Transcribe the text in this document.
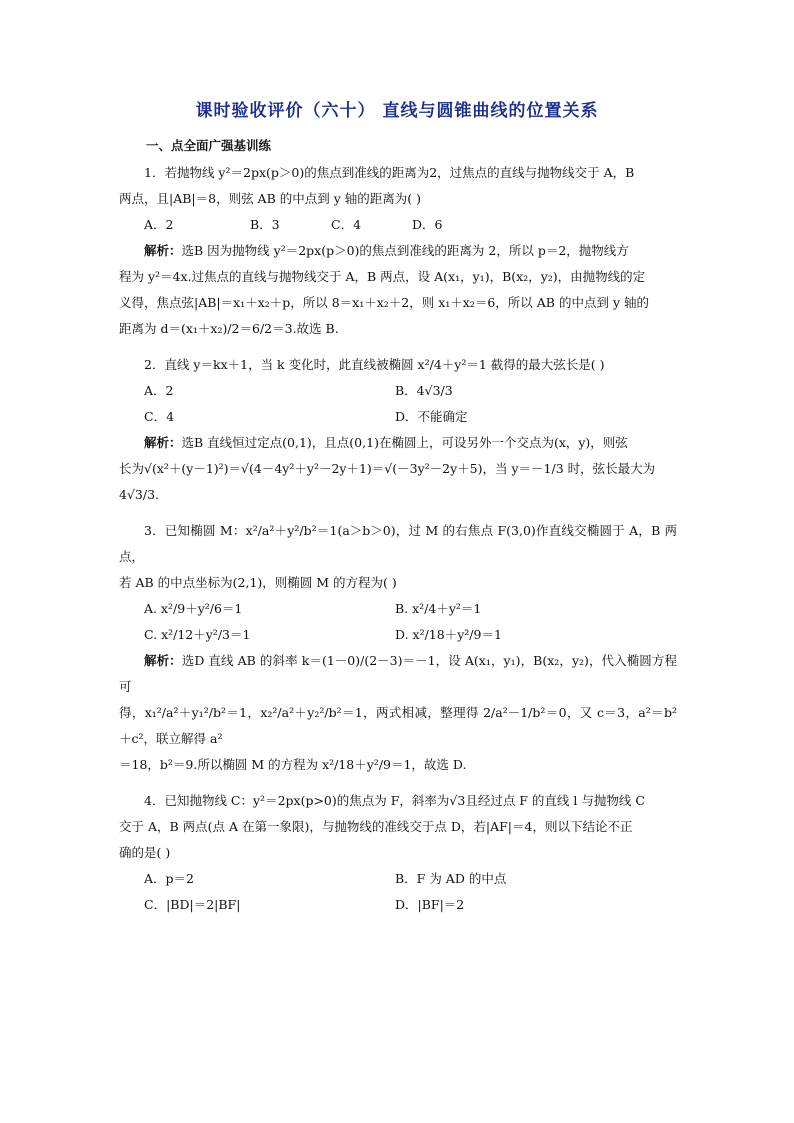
课时验收评价（六十） 直线与圆锥曲线的位置关系
一、点全面广强基训练

1．若抛物线 y²＝2px(p＞0)的焦点到准线的距离为2，过焦点的直线与抛物线交于 A，B

两点，且|AB|＝8，则弦 AB 的中点到 y 轴的距离为( )

A．2	B．3	C．4	D．6

解析：选B 因为抛物线 y²＝2px(p＞0)的焦点到准线的距离为 2，所以 p＝2，抛物线方

程为 y²＝4x.过焦点的直线与抛物线交于 A，B 两点，设 A(x₁，y₁)，B(x₂，y₂)，由抛物线的定

义得，焦点弦|AB|＝x₁＋x₂＋p，所以 8＝x₁＋x₂＋2，则 x₁＋x₂＝6，所以 AB 的中点到 y 轴的

距离为 d＝(x₁＋x₂)/2＝6/2＝3.故选 B.

2．直线 y＝kx＋1，当 k 变化时，此直线被椭圆 x²/4＋y²＝1 截得的最大弦长是( )

A．2	B．4√3/3
C．4	D．不能确定

解析：选B 直线恒过定点(0,1)，且点(0,1)在椭圆上，可设另外一个交点为(x，y)，则弦

长为√(x²＋(y－1)²)＝√(4－4y²＋y²－2y＋1)＝√(－3y²－2y＋5)，当 y＝－1/3 时，弦长最大为

4√3/3.

3．已知椭圆 M：x²/a²＋y²/b²＝1(a＞b＞0)，过 M 的右焦点 F(3,0)作直线交椭圆于 A，B 两点，

若 AB 的中点坐标为(2,1)，则椭圆 M 的方程为( )

A. x²/9＋y²/6＝1	B. x²/4＋y²＝1
C. x²/12＋y²/3＝1	D. x²/18＋y²/9＝1

解析：选D 直线 AB 的斜率 k＝(1－0)/(2－3)＝－1，设 A(x₁，y₁)，B(x₂，y₂)，代入椭圆方程可

得，x₁²/a²＋y₁²/b²＝1，x₂²/a²＋y₂²/b²＝1，两式相减，整理得 2/a²－1/b²＝0，又 c＝3，a²＝b²＋c²，联立解得 a²

＝18，b²＝9.所以椭圆 M 的方程为 x²/18＋y²/9＝1，故选 D.

4．已知抛物线 C：y²＝2px(p>0)的焦点为 F，斜率为√3且经过点 F 的直线 l 与抛物线 C

交于 A，B 两点(点 A 在第一象限)，与抛物线的准线交于点 D，若|AF|＝4，则以下结论不正

确的是( )

A．p＝2	B．F 为 AD 的中点
C．|BD|＝2|BF|	D．|BF|＝2
